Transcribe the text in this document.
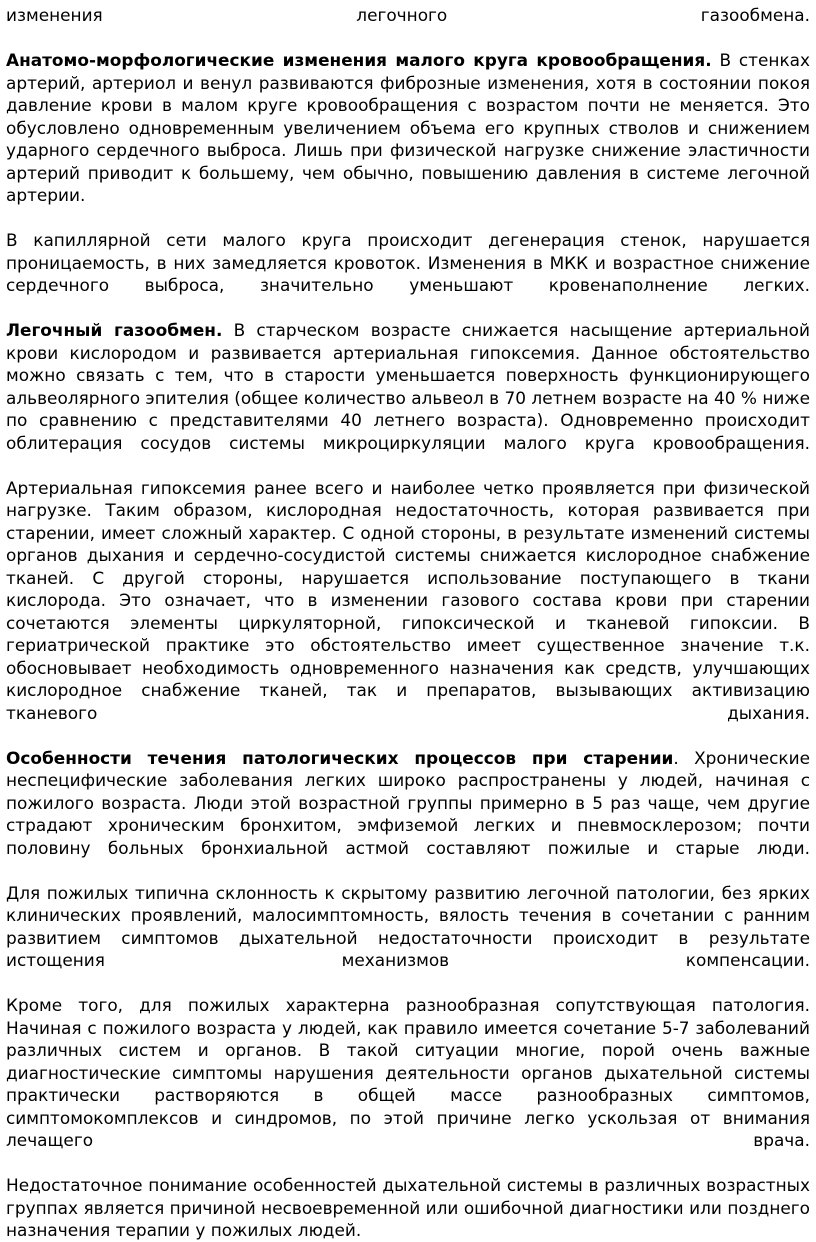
изменения легочного газообмена.

Анатомо-морфологические изменения малого круга кровообращения. В стенках артерий, артериол и венул развиваются фиброзные изменения, хотя в состоянии покоя давление крови в малом круге кровообращения с возрастом почти не меняется. Это обусловлено одновременным увеличением объема его крупных стволов и снижением ударного сердечного выброса. Лишь при физической нагрузке снижение эластичности артерий приводит к большему, чем обычно, повышению давления в системе легочной артерии.

В капиллярной сети малого круга происходит дегенерация стенок, нарушается проницаемость, в них замедляется кровоток. Изменения в МКК и возрастное снижение сердечного выброса, значительно уменьшают кровенаполнение легких.

Легочный газообмен. В старческом возрасте снижается насыщение артериальной крови кислородом и развивается артериальная гипоксемия. Данное обстоятельство можно связать с тем, что в старости уменьшается поверхность функционирующего альвеолярного эпителия (общее количество альвеол в 70 летнем возрасте на 40 % ниже по сравнению с представителями 40 летнего возраста). Одновременно происходит облитерация сосудов системы микроциркуляции малого круга кровообращения.

Артериальная гипоксемия ранее всего и наиболее четко проявляется при физической нагрузке. Таким образом, кислородная недостаточность, которая развивается при старении, имеет сложный характер. С одной стороны, в результате изменений системы органов дыхания и сердечно-сосудистой системы снижается кислородное снабжение тканей. С другой стороны, нарушается использование поступающего в ткани кислорода. Это означает, что в изменении газового состава крови при старении сочетаются элементы циркуляторной, гипоксической и тканевой гипоксии. В гериатрической практике это обстоятельство имеет существенное значение т.к. обосновывает необходимость одновременного назначения как средств, улучшающих кислородное снабжение тканей, так и препаратов, вызывающих активизацию тканевого дыхания.

Особенности течения патологических процессов при старении. Хронические неспецифические заболевания легких широко распространены у людей, начиная с пожилого возраста. Люди этой возрастной группы примерно в 5 раз чаще, чем другие страдают хроническим бронхитом, эмфиземой легких и пневмосклерозом; почти половину больных бронхиальной астмой составляют пожилые и старые люди.

Для пожилых типична склонность к скрытому развитию легочной патологии, без ярких клинических проявлений, малосимптомность, вялость течения в сочетании с ранним развитием симптомов дыхательной недостаточности происходит в результате истощения механизмов компенсации.

Кроме того, для пожилых характерна разнообразная сопутствующая патология. Начиная с пожилого возраста у людей, как правило имеется сочетание 5-7 заболеваний различных систем и органов. В такой ситуации многие, порой очень важные диагностические симптомы нарушения деятельности органов дыхательной системы практически растворяются в общей массе разнообразных симптомов, симптомокомплексов и синдромов, по этой причине легко ускользая от внимания лечащего врача.

Недостаточное понимание особенностей дыхательной системы в различных возрастных группах является причиной несвоевременной или ошибочной диагностики или позднего назначения терапии у пожилых людей.
